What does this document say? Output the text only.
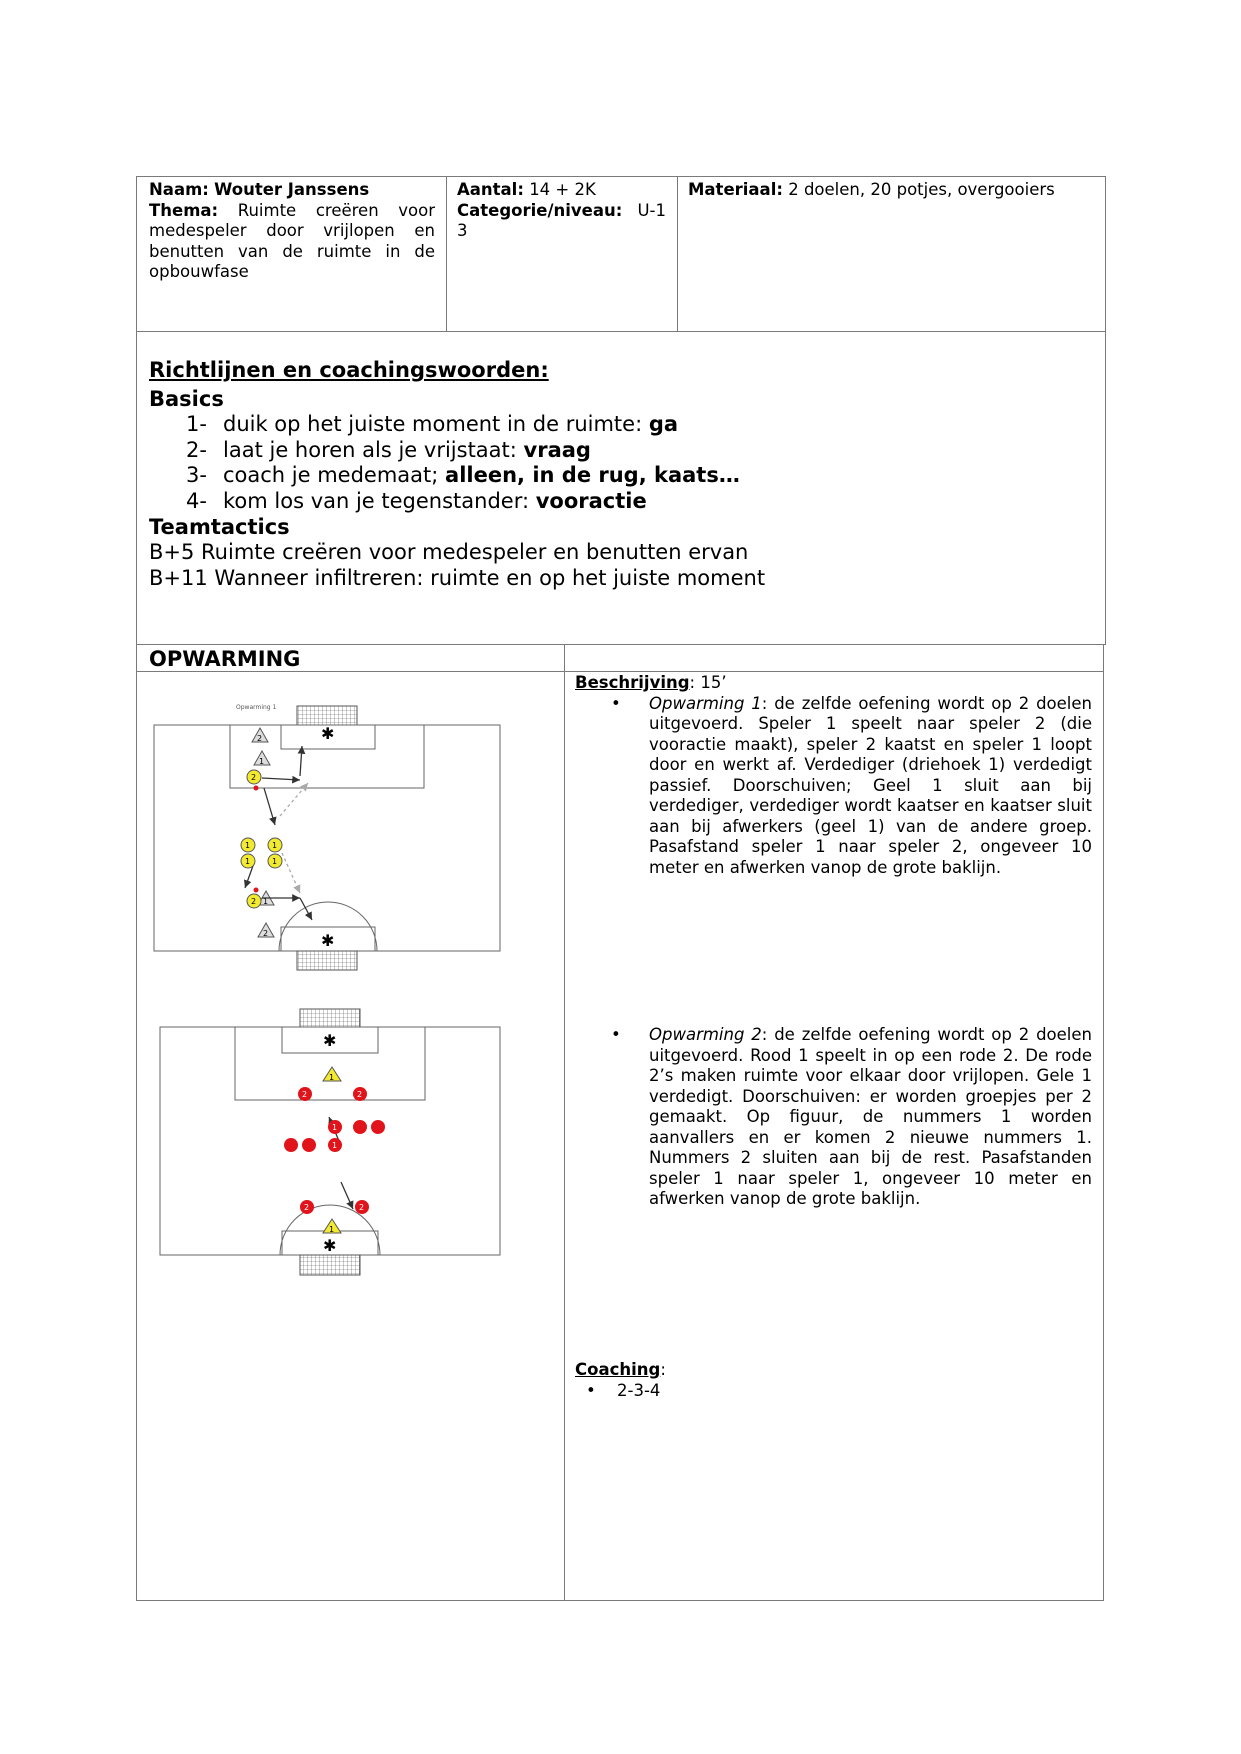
Naam: Wouter Janssens
Thema: Ruimte creëren voor medespeler door vrijlopen en benutten van de ruimte in de opbouwfase
Aantal: 14 + 2K
Categorie/niveau: U-13
Materiaal: 2 doelen, 20 potjes, overgooiers
Richtlijnen en coachingswoorden:
Basics
1- duik op het juiste moment in de ruimte: ga
2- laat je horen als je vrijstaat: vraag
3- coach je medemaat; alleen, in de rug, kaats…
4- kom los van je tegenstander: vooractie
Teamtactics
B+5 Ruimte creëren voor medespeler en benutten ervan
B+11 Wanneer infiltreren: ruimte en op het juiste moment
OPWARMING
Beschrijving: 15’
• Opwarming 1: de zelfde oefening wordt op 2 doelen uitgevoerd. Speler 1 speelt naar speler 2 (die vooractie maakt), speler 2 kaatst en speler 1 loopt door en werkt af. Verdediger (driehoek 1) verdedigt passief. Doorschuiven; Geel 1 sluit aan bij verdediger, verdediger wordt kaatser en kaatser sluit aan bij afwerkers (geel 1) van de andere groep. Pasafstand speler 1 naar speler 2, ongeveer 10 meter en afwerken vanop de grote baklijn.
• Opwarming 2: de zelfde oefening wordt op 2 doelen uitgevoerd. Rood 1 speelt in op een rode 2. De rode 2’s maken ruimte voor elkaar door vrijlopen. Gele 1 verdedigt. Doorschuiven: er worden groepjes per 2 gemaakt. Op figuur, de nummers 1 worden aanvallers en er komen 2 nieuwe nummers 1. Nummers 2 sluiten aan bij de rest. Pasafstanden speler 1 naar speler 1, ongeveer 10 meter en afwerken vanop de grote baklijn.
Coaching:
• 2-3-4
Opwarming 1
✱
✱
2
1
1
2
2
1	1
1	1
2
✱
✱
1
1
2	2
1
1
2	2
